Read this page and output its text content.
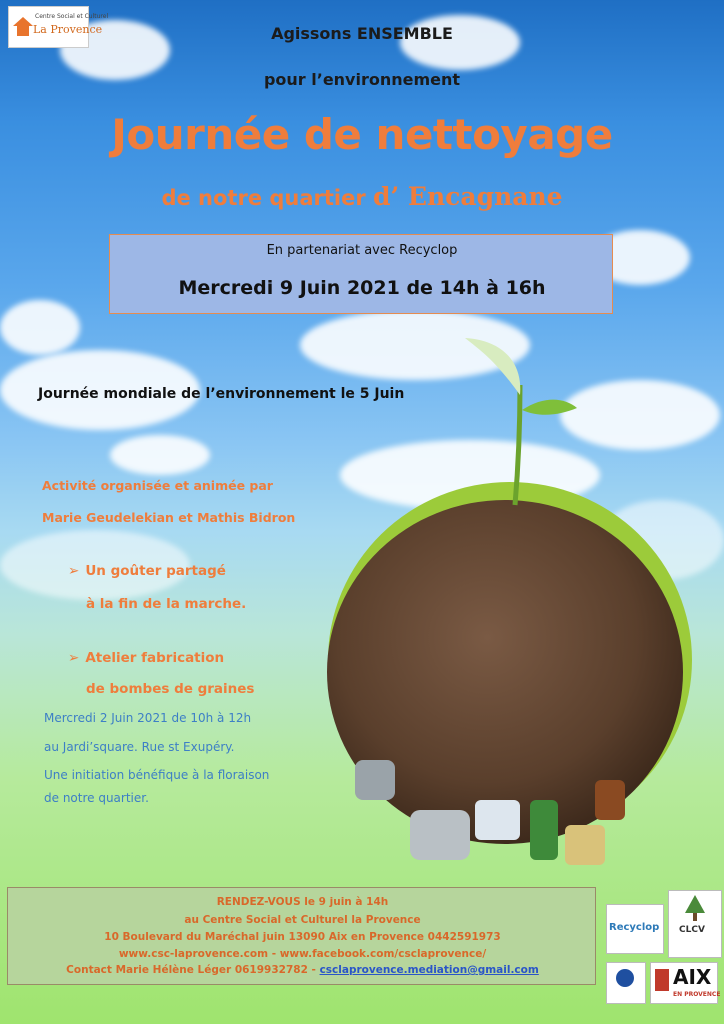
Centre Social et Culturel
La Provence	Agissons ENSEMBLE
pour l’environnement
Journée de nettoyage
de notre quartier d’ Encagnane
En partenariat avec Recyclop
Mercredi 9 Juin 2021 de 14h à 16h
Journée mondiale de l’environnement le 5 Juin
Activité organisée et animée par
Marie Geudelekian et Mathis Bidron
➢ Un goûter partagé
à la fin de la marche.
➢ Atelier fabrication
de bombes de graines
Mercredi 2 Juin 2021 de 10h à 12h
au Jardi’square. Rue st Exupéry.
Une initiation bénéfique à la floraison
de notre quartier.
RENDEZ-VOUS le 9 juin à 14h
au Centre Social et Culturel la Provence
10 Boulevard du Maréchal juin 13090 Aix en Provence 0442591973
www.csc-laprovence.com - www.facebook.com/csclaprovence/
Contact Marie Hélène Léger 0619932782 - csclaprovence.mediation@gmail.com
Recyclop CLCV
AIX
EN PROVENCE
